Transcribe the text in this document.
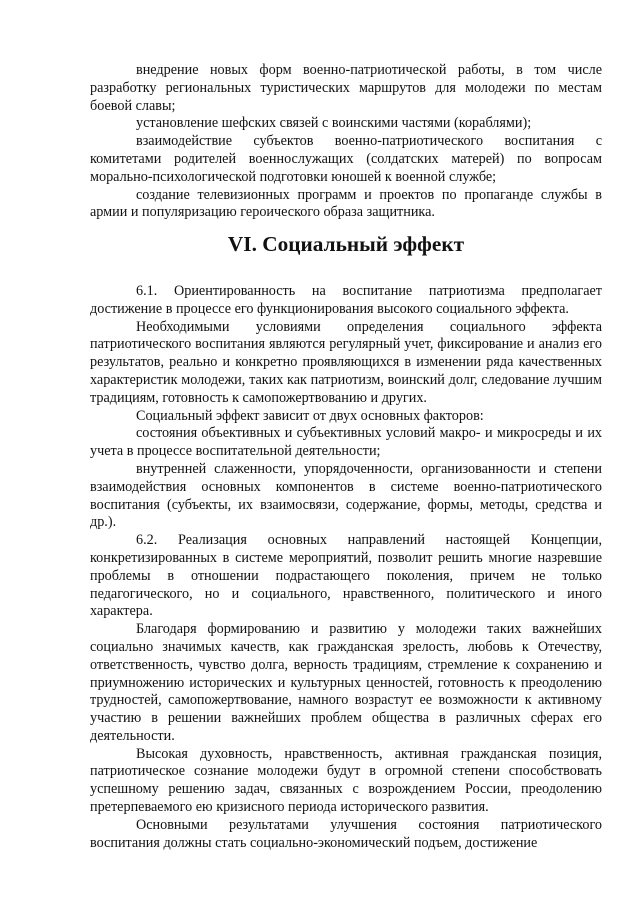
внедрение новых форм военно-патриотической работы, в том числе разработку региональных туристических маршрутов для молодежи по местам боевой славы;

установление шефских связей с воинскими частями (кораблями);

взаимодействие субъектов военно-патриотического воспитания с комитетами родителей военнослужащих (солдатских матерей) по вопросам морально-психологической подготовки юношей к военной службе;

создание телевизионных программ и проектов по пропаганде службы в армии и популяризацию героического образа защитника.

VI. Социальный эффект

6.1. Ориентированность на воспитание патриотизма предполагает достижение в процессе его функционирования высокого социального эффекта.

Необходимыми условиями определения социального эффекта патриотического воспитания являются регулярный учет, фиксирование и анализ его результатов, реально и конкретно проявляющихся в изменении ряда качественных характеристик молодежи, таких как патриотизм, воинский долг, следование лучшим традициям, готовность к самопожертвованию и других.

Социальный эффект зависит от двух основных факторов:

состояния объективных и субъективных условий макро- и микросреды и их учета в процессе воспитательной деятельности;

внутренней слаженности, упорядоченности, организованности и степени взаимодействия основных компонентов в системе военно-патриотического воспитания (субъекты, их взаимосвязи, содержание, формы, методы, средства и др.).

6.2. Реализация основных направлений настоящей Концепции, конкретизированных в системе мероприятий, позволит решить многие назревшие проблемы в отношении подрастающего поколения, причем не только педагогического, но и социального, нравственного, политического и иного характера.

Благодаря формированию и развитию у молодежи таких важнейших социально значимых качеств, как гражданская зрелость, любовь к Отечеству, ответственность, чувство долга, верность традициям, стремление к сохранению и приумножению исторических и культурных ценностей, готовность к преодолению трудностей, самопожертвование, намного возрастут ее возможности к активному участию в решении важнейших проблем общества в различных сферах его деятельности.

Высокая духовность, нравственность, активная гражданская позиция, патриотическое сознание молодежи будут в огромной степени способствовать успешному решению задач, связанных с возрождением России, преодолению претерпеваемого ею кризисного периода исторического развития.

Основными результатами улучшения состояния патриотического воспитания должны стать социально-экономический подъем, достижение
